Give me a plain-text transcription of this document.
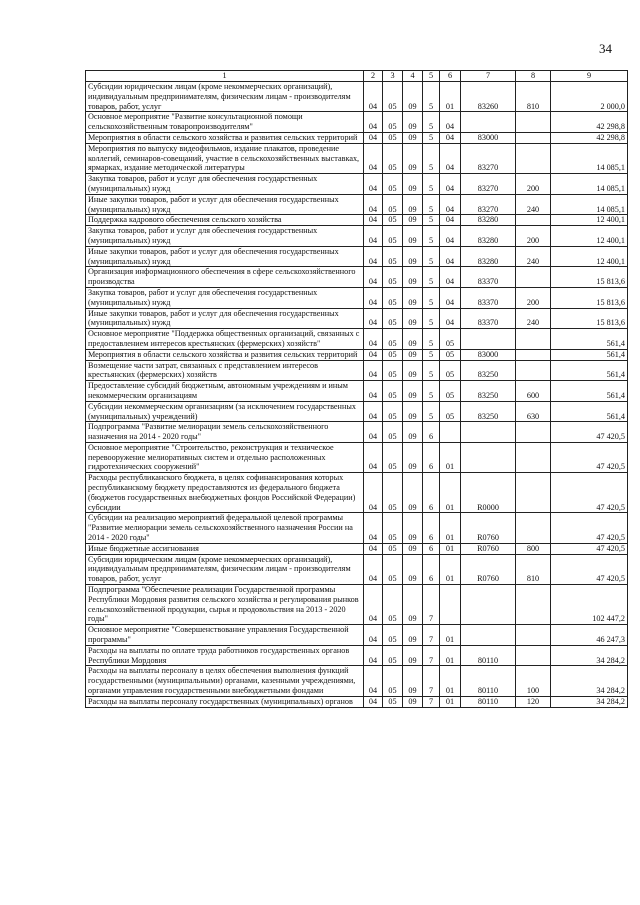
34
1	2	3	4	5	6	7	8	9
Субсидии юридическим лицам (кроме некоммерческих организаций), индивидуальным предпринимателям, физическим лицам - производителям товаров, работ, услуг	04	05	09	5	01	83260	810	2 000,0
Основное мероприятие "Развитие консультационной помощи сельскохозяйственным товаропроизводителям"	04	05	09	5	04			42 298,8
Мероприятия в области сельского хозяйства и развития сельских территорий	04	05	09	5	04	83000		42 298,8
Мероприятия по выпуску видеофильмов, издание плакатов, проведение коллегий, семинаров-совещаний, участие в сельскохозяйственных выставках, ярмарках, издание методической литературы	04	05	09	5	04	83270		14 085,1
Закупка товаров, работ и услуг для обеспечения государственных (муниципальных) нужд	04	05	09	5	04	83270	200	14 085,1
Иные закупки товаров, работ и услуг для обеспечения государственных (муниципальных) нужд	04	05	09	5	04	83270	240	14 085,1
Поддержка кадрового обеспечения сельского хозяйства	04	05	09	5	04	83280		12 400,1
Закупка товаров, работ и услуг для обеспечения государственных (муниципальных) нужд	04	05	09	5	04	83280	200	12 400,1
Иные закупки товаров, работ и услуг для обеспечения государственных (муниципальных) нужд	04	05	09	5	04	83280	240	12 400,1
Организация информационного обеспечения в сфере сельскохозяйственного производства	04	05	09	5	04	83370		15 813,6
Закупка товаров, работ и услуг для обеспечения государственных (муниципальных) нужд	04	05	09	5	04	83370	200	15 813,6
Иные закупки товаров, работ и услуг для обеспечения государственных (муниципальных) нужд	04	05	09	5	04	83370	240	15 813,6
Основное мероприятие "Поддержка общественных организаций, связанных с предоставлением интересов крестьянских (фермерских) хозяйств"	04	05	09	5	05			561,4
Мероприятия в области сельского хозяйства и развития сельских территорий	04	05	09	5	05	83000		561,4
Возмещение части затрат, связанных с представлением интересов крестьянских (фермерских) хозяйств	04	05	09	5	05	83250		561,4
Предоставление субсидий бюджетным, автономным учреждениям и иным некоммерческим организациям	04	05	09	5	05	83250	600	561,4
Субсидии некоммерческим организациям (за исключением государственных (муниципальных) учреждений)	04	05	09	5	05	83250	630	561,4
Подпрограмма "Развитие мелиорации земель сельскохозяйственного назначения на 2014 - 2020 годы"	04	05	09	6				47 420,5
Основное мероприятие "Строительство, реконструкция и техническое перевооружение мелиоративных систем и отдельно расположенных гидротехнических сооружений"	04	05	09	6	01			47 420,5
Расходы республиканского бюджета, в целях софинансирования которых республиканскому бюджету предоставляются из федерального бюджета (бюджетов государственных внебюджетных фондов Российской Федерации) субсидии	04	05	09	6	01	R0000		47 420,5
Субсидии на реализацию мероприятий федеральной целевой программы "Развитие мелиорации земель сельскохозяйственного назначения России на 2014 - 2020 годы"	04	05	09	6	01	R0760		47 420,5
Иные бюджетные ассигнования	04	05	09	6	01	R0760	800	47 420,5
Субсидии юридическим лицам (кроме некоммерческих организаций), индивидуальным предпринимателям, физическим лицам - производителям товаров, работ, услуг	04	05	09	6	01	R0760	810	47 420,5
Подпрограмма "Обеспечение реализации Государственной программы Республики Мордовия развития сельского хозяйства и регулирования рынков сельскохозяйственной продукции, сырья и продовольствия на 2013 - 2020 годы"	04	05	09	7				102 447,2
Основное мероприятие "Совершенствование управления Государственной программы"	04	05	09	7	01			46 247,3
Расходы на выплаты по оплате труда работников государственных органов Республики Мордовия	04	05	09	7	01	80110		34 284,2
Расходы на выплаты персоналу в целях обеспечения выполнения функций государственными (муниципальными) органами, казенными учреждениями, органами управления государственными внебюджетными фондами	04	05	09	7	01	80110	100	34 284,2
Расходы на выплаты персоналу государственных (муниципальных) органов	04	05	09	7	01	80110	120	34 284,2
